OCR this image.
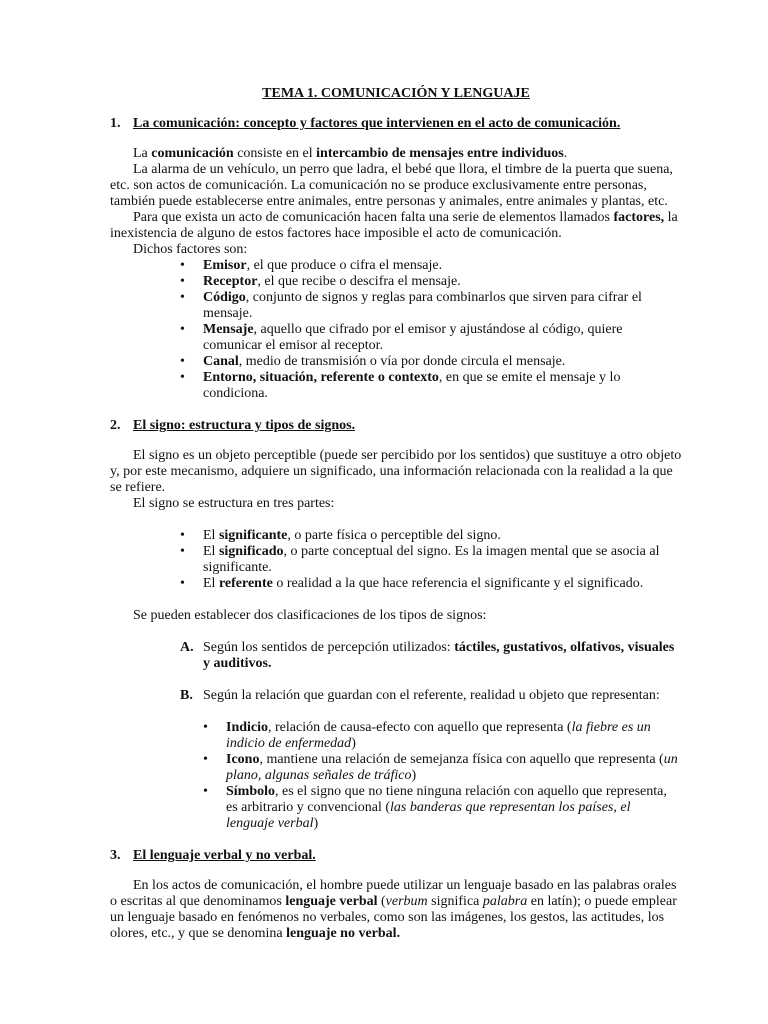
TEMA 1. COMUNICACIÓN Y LENGUAJE

1. La comunicación: concepto y factores que intervienen en el acto de comunicación.

La comunicación consiste en el intercambio de mensajes entre individuos.

La alarma de un vehículo, un perro que ladra, el bebé que llora, el timbre de la puerta que suena, etc. son actos de comunicación. La comunicación no se produce exclusivamente entre personas, también puede establecerse entre animales, entre personas y animales, entre animales y plantas, etc.

Para que exista un acto de comunicación hacen falta una serie de elementos llamados factores, la inexistencia de alguno de estos factores hace imposible el acto de comunicación.

Dichos factores son:

• Emisor, el que produce o cifra el mensaje.
• Receptor, el que recibe o descifra el mensaje.
• Código, conjunto de signos y reglas para combinarlos que sirven para cifrar el mensaje.
• Mensaje, aquello que cifrado por el emisor y ajustándose al código, quiere comunicar el emisor al receptor.
• Canal, medio de transmisión o vía por donde circula el mensaje.
• Entorno, situación, referente o contexto, en que se emite el mensaje y lo condiciona.

2. El signo: estructura y tipos de signos.

El signo es un objeto perceptible (puede ser percibido por los sentidos) que sustituye a otro objeto y, por este mecanismo, adquiere un significado, una información relacionada con la realidad a la que se refiere.

El signo se estructura en tres partes:

• El significante, o parte física o perceptible del signo.
• El significado, o parte conceptual del signo. Es la imagen mental que se asocia al significante.
• El referente o realidad a la que hace referencia el significante y el significado.

Se pueden establecer dos clasificaciones de los tipos de signos:

A. Según los sentidos de percepción utilizados: táctiles, gustativos, olfativos, visuales y auditivos.
B. Según la relación que guardan con el referente, realidad u objeto que representan:
• Indicio, relación de causa-efecto con aquello que representa (la fiebre es un indicio de enfermedad)
• Icono, mantiene una relación de semejanza física con aquello que representa (un plano, algunas señales de tráfico)
• Símbolo, es el signo que no tiene ninguna relación con aquello que representa, es arbitrario y convencional (las banderas que representan los países, el lenguaje verbal)

3. El lenguaje verbal y no verbal.

En los actos de comunicación, el hombre puede utilizar un lenguaje basado en las palabras orales o escritas al que denominamos lenguaje verbal (verbum significa palabra en latín); o puede emplear un lenguaje basado en fenómenos no verbales, como son las imágenes, los gestos, las actitudes, los olores, etc., y que se denomina lenguaje no verbal.
